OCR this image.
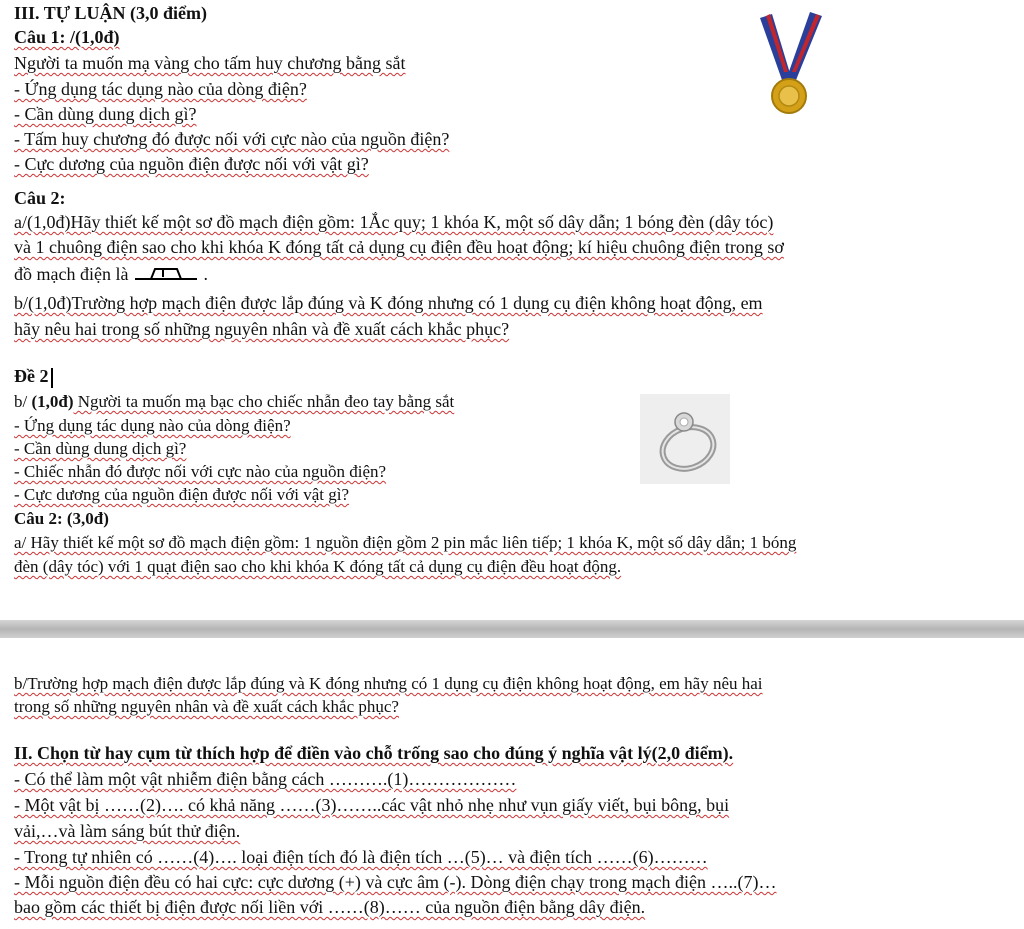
III. TỰ LUẬN (3,0 điểm)
Câu 1: /(1,0đ)
Người ta muốn mạ vàng cho tấm huy chương bằng sắt
- Ứng dụng tác dụng nào của dòng điện?
- Cần dùng dung dịch gì?
- Tấm huy chương đó được nối với cực nào của nguồn điện?
- Cực dương của nguồn điện được nối với vật gì?
Câu 2:
a/(1,0đ)Hãy thiết kế một sơ đồ mạch điện gồm: 1Ắc quy; 1 khóa K, một số dây dẫn; 1 bóng đèn (dây tóc)
và 1 chuông điện sao cho khi khóa K đóng tất cả dụng cụ điện đều hoạt động; kí hiệu chuông điện trong sơ
đồ mạch điện là	.
b/(1,0đ)Trường hợp mạch điện được lắp đúng và K đóng nhưng có 1 dụng cụ điện không hoạt động, em
hãy nêu hai trong số những nguyên nhân và đề xuất cách khắc phục?
Đề 2
b/ (1,0đ) Người ta muốn mạ bạc cho chiếc nhẫn đeo tay bằng sắt
- Ứng dụng tác dụng nào của dòng điện?
- Cần dùng dung dịch gì?
- Chiếc nhẫn đó được nối với cực nào của nguồn điện?
- Cực dương của nguồn điện được nối với vật gì?
Câu 2: (3,0đ)
a/ Hãy thiết kế một sơ đồ mạch điện gồm: 1 nguồn điện gồm 2 pin mắc liên tiếp; 1 khóa K, một số dây dẫn; 1 bóng
đèn (dây tóc) với 1 quạt điện sao cho khi khóa K đóng tất cả dụng cụ điện đều hoạt động.
b/Trường hợp mạch điện được lắp đúng và K đóng nhưng có 1 dụng cụ điện không hoạt động, em hãy nêu hai
trong số những nguyên nhân và đề xuất cách khắc phục?
II. Chọn từ hay cụm từ thích hợp để điền vào chỗ trống sao cho đúng ý nghĩa vật lý(2,0 điểm).
- Có thể làm một vật nhiễm điện bằng cách ……….(1)………………
- Một vật bị ……(2)…. có khả năng ……(3)……..các vật nhỏ nhẹ như vụn giấy viết, bụi bông, bụi
vải,…và làm sáng bút thử điện.
- Trong tự nhiên có ……(4)…. loại điện tích đó là điện tích …(5)… và điện tích ……(6)………
- Mỗi nguồn điện đều có hai cực: cực dương (+) và cực âm (-). Dòng điện chạy trong mạch điện …..(7)…
bao gồm các thiết bị điện được nối liền với ……(8)…… của nguồn điện bằng dây điện.
